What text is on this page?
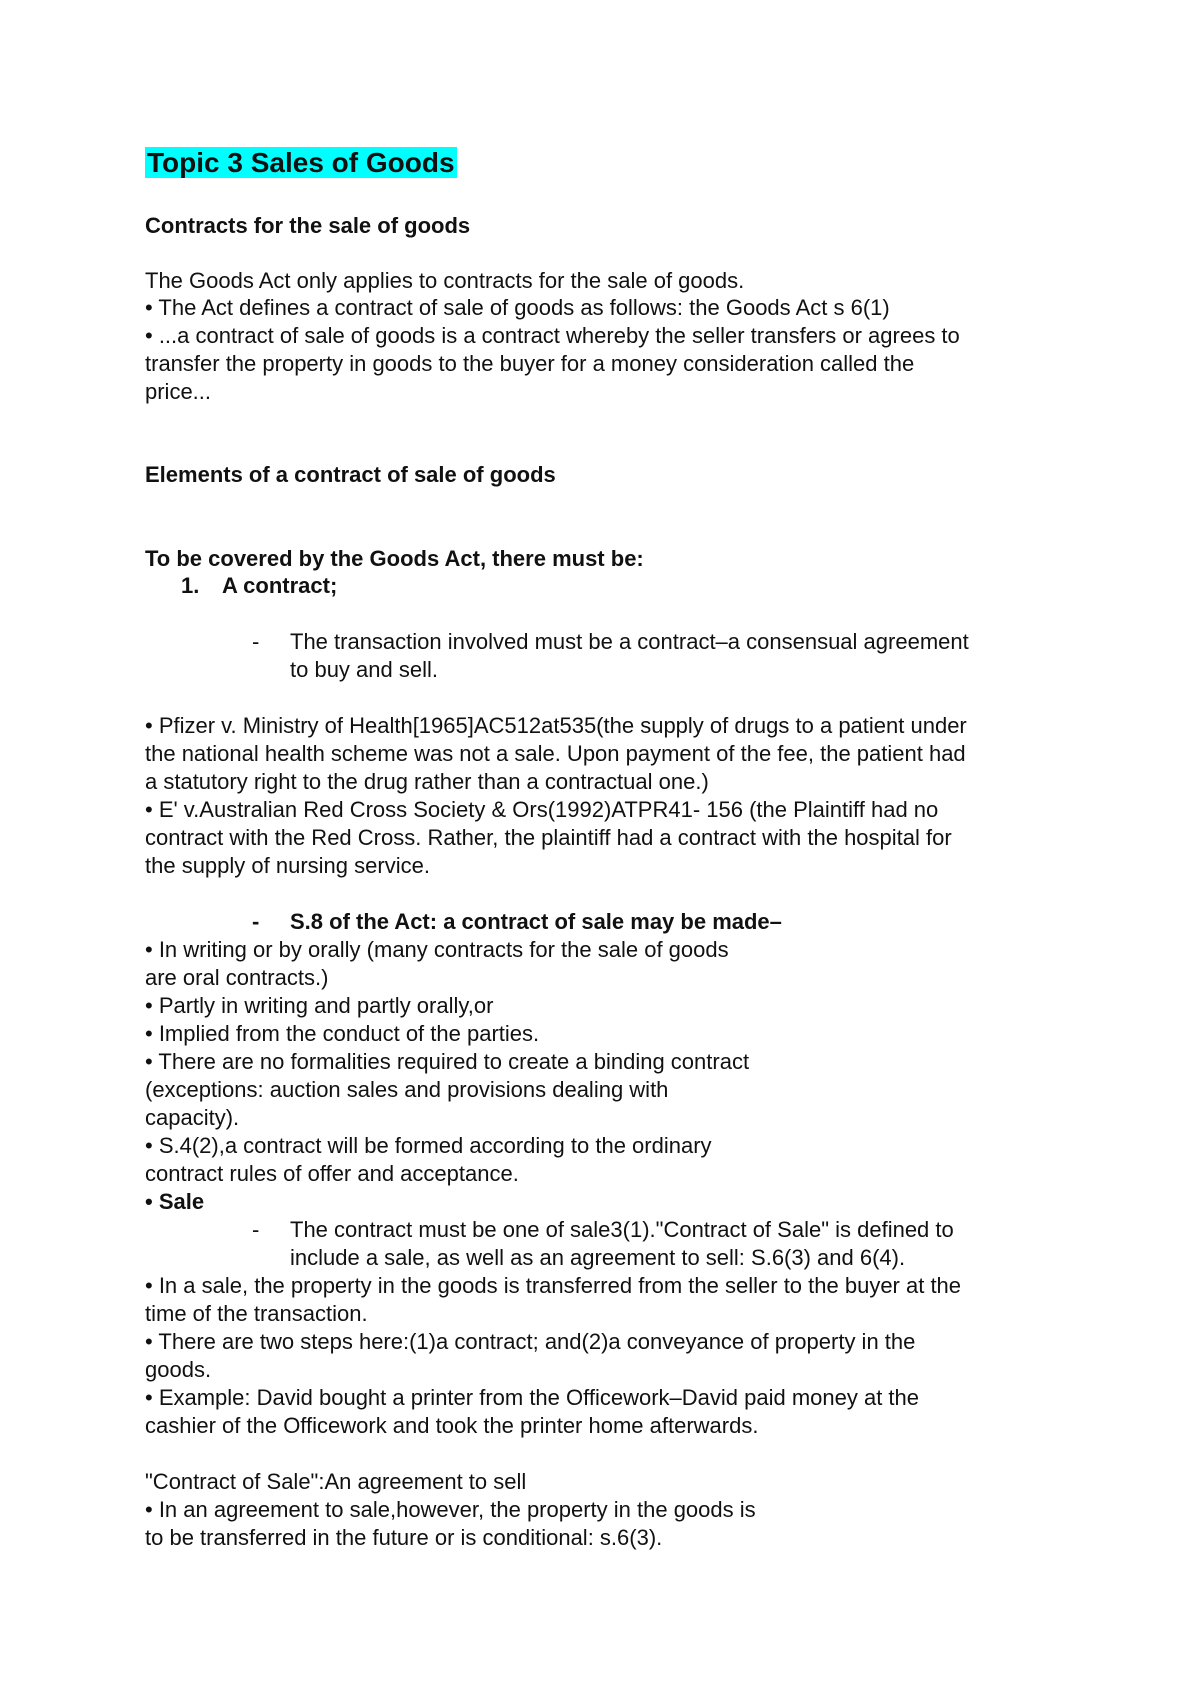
Topic 3 Sales of Goods
Contracts for the sale of goods
The Goods Act only applies to contracts for the sale of goods.
• The Act defines a contract of sale of goods as follows: the Goods Act s 6(1)
• ...a contract of sale of goods is a contract whereby the seller transfers or agrees to
transfer the property in goods to the buyer for a money consideration called the
price...
Elements of a contract of sale of goods
To be covered by the Goods Act, there must be:
1. A contract;
- The transaction involved must be a contract–a consensual agreement
to buy and sell.
• Pfizer v. Ministry of Health[1965]AC512at535(the supply of drugs to a patient under
the national health scheme was not a sale. Upon payment of the fee, the patient had
a statutory right to the drug rather than a contractual one.)
• E' v.Australian Red Cross Society & Ors(1992)ATPR41- 156 (the Plaintiff had no
contract with the Red Cross. Rather, the plaintiff had a contract with the hospital for
the supply of nursing service.
- S.8 of the Act: a contract of sale may be made–
• In writing or by orally (many contracts for the sale of goods
are oral contracts.)
• Partly in writing and partly orally,or
• Implied from the conduct of the parties.
• There are no formalities required to create a binding contract
(exceptions: auction sales and provisions dealing with
capacity).
• S.4(2),a contract will be formed according to the ordinary
contract rules of offer and acceptance.
• Sale
- The contract must be one of sale3(1)."Contract of Sale" is defined to
include a sale, as well as an agreement to sell: S.6(3) and 6(4).
• In a sale, the property in the goods is transferred from the seller to the buyer at the
time of the transaction.
• There are two steps here:(1)a contract; and(2)a conveyance of property in the
goods.
• Example: David bought a printer from the Officework–David paid money at the
cashier of the Officework and took the printer home afterwards.
"Contract of Sale":An agreement to sell
• In an agreement to sale,however, the property in the goods is
to be transferred in the future or is conditional: s.6(3).
